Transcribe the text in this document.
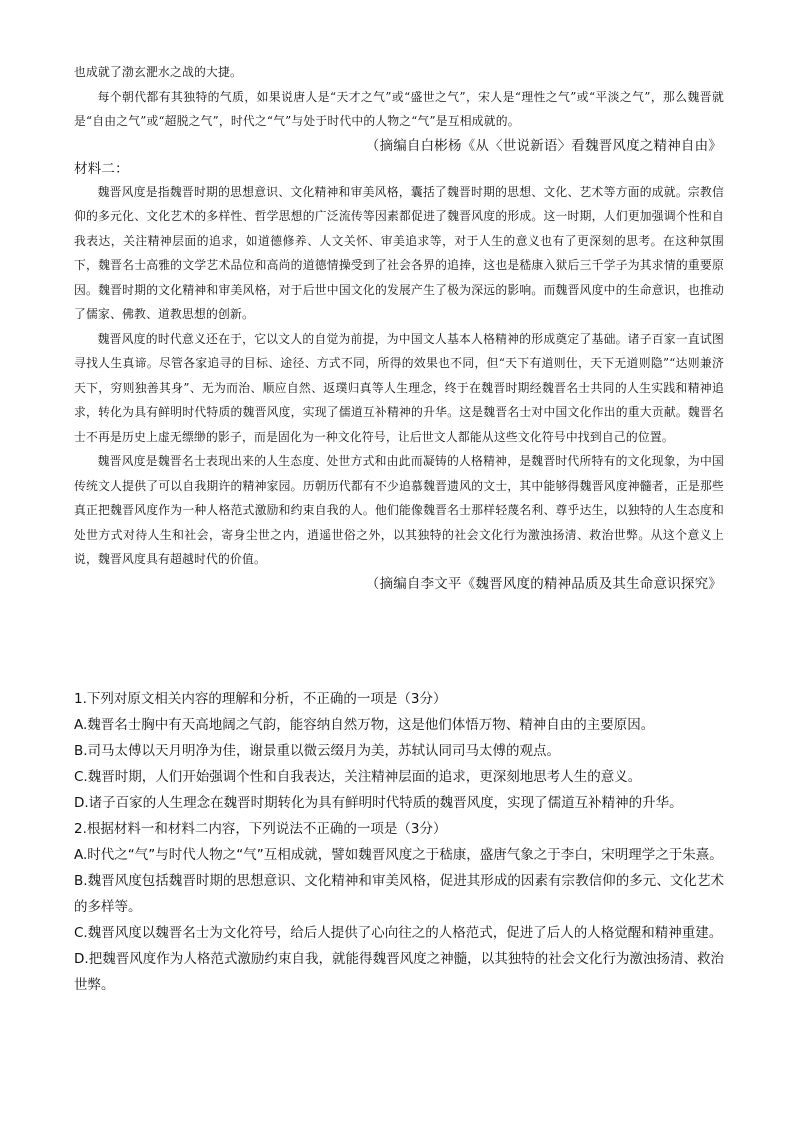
也成就了渤玄淝水之战的大捷。

每个朝代都有其独特的气质，如果说唐人是“天才之气”或“盛世之气”，宋人是“理性之气”或“平淡之气”，那么魏晋就是“自由之气”或“超脱之气”，时代之“气”与处于时代中的人物之“气”是互相成就的。

（摘编自白彬杨《从〈世说新语〉看魏晋风度之精神自由》

材料二：

魏晋风度是指魏晋时期的思想意识、文化精神和审美风格，囊括了魏晋时期的思想、文化、艺术等方面的成就。宗教信仰的多元化、文化艺术的多样性、哲学思想的广泛流传等因素都促进了魏晋风度的形成。这一时期，人们更加强调个性和自我表达，关注精神层面的追求，如道德修养、人文关怀、审美追求等，对于人生的意义也有了更深刻的思考。在这种氛围下，魏晋名士高雅的文学艺术品位和高尚的道德情操受到了社会各界的追捧，这也是嵇康入狱后三千学子为其求情的重要原因。魏晋时期的文化精神和审美风格，对于后世中国文化的发展产生了极为深远的影响。而魏晋风度中的生命意识，也推动了儒家、佛教、道教思想的创新。

魏晋风度的时代意义还在于，它以文人的自觉为前提，为中国文人基本人格精神的形成奠定了基础。诸子百家一直试图寻找人生真谛。尽管各家追寻的目标、途径、方式不同，所得的效果也不同，但“天下有道则仕，天下无道则隐”“达则兼济天下，穷则独善其身”、无为而治、顺应自然、返璞归真等人生理念，终于在魏晋时期经魏晋名士共同的人生实践和精神追求，转化为具有鲜明时代特质的魏晋风度，实现了儒道互补精神的升华。这是魏晋名士对中国文化作出的重大贡献。魏晋名士不再是历史上虚无缥缈的影子，而是固化为一种文化符号，让后世文人都能从这些文化符号中找到自己的位置。

魏晋风度是魏晋名士表现出来的人生态度、处世方式和由此而凝铸的人格精神，是魏晋时代所特有的文化现象，为中国传统文人提供了可以自我期许的精神家园。历朝历代都有不少追慕魏晋遗风的文士，其中能够得魏晋风度神髓者，正是那些真正把魏晋风度作为一种人格范式激励和约束自我的人。他们能像魏晋名士那样轻蔑名利、尊乎达生，以独特的人生态度和处世方式对待人生和社会，寄身尘世之内，逍遥世俗之外，以其独特的社会文化行为激浊扬清、救治世弊。从这个意义上说，魏晋风度具有超越时代的价值。

（摘编自李文平《魏晋风度的精神品质及其生命意识探究》

1.下列对原文相关内容的理解和分析，不正确的一项是（3分）

A.魏晋名士胸中有天高地阔之气韵，能容纳自然万物，这是他们体悟万物、精神自由的主要原因。

B.司马太傅以天月明净为佳，谢景重以微云缀月为美，苏轼认同司马太傅的观点。

C.魏晋时期，人们开始强调个性和自我表达，关注精神层面的追求，更深刻地思考人生的意义。

D.诸子百家的人生理念在魏晋时期转化为具有鲜明时代特质的魏晋风度，实现了儒道互补精神的升华。

2.根据材料一和材料二内容，下列说法不正确的一项是（3分）

A.时代之“气”与时代人物之“气”互相成就，譬如魏晋风度之于嵇康，盛唐气象之于李白，宋明理学之于朱熹。

B.魏晋风度包括魏晋时期的思想意识、文化精神和审美风格，促进其形成的因素有宗教信仰的多元、文化艺术的多样等。

C.魏晋风度以魏晋名士为文化符号，给后人提供了心向往之的人格范式，促进了后人的人格觉醒和精神重建。

D.把魏晋风度作为人格范式激励约束自我，就能得魏晋风度之神髓，以其独特的社会文化行为激浊扬清、救治世弊。
